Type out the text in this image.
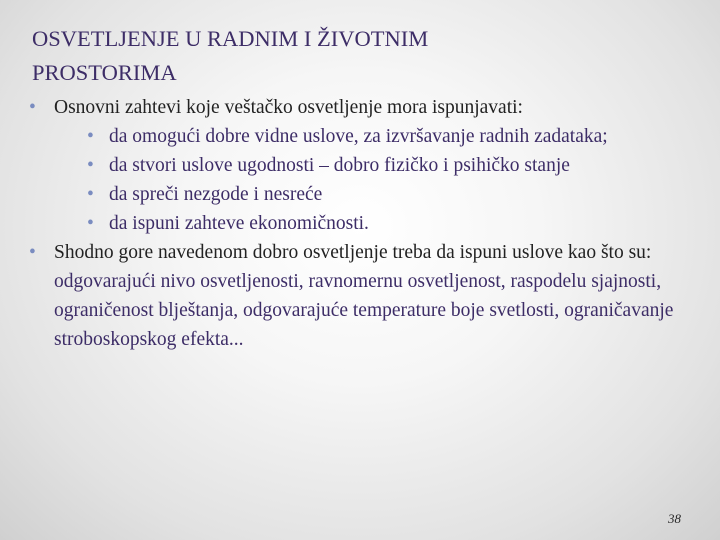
OSVETLJENJE U RADNIM I ŽIVOTNIM
PROSTORIMA
• Osnovni zahtevi koje veštačko osvetljenje mora ispunjavati:
• da omogući dobre vidne uslove, za izvršavanje radnih zadataka;
• da stvori uslove ugodnosti – dobro fizičko i psihičko stanje
• da spreči nezgode i nesreće
• da ispuni zahteve ekonomičnosti.
• Shodno gore navedenom dobro osvetljenje treba da ispuni uslove kao što su: odgovarajući nivo osvetljenosti, ravnomernu osvetljenost, raspodelu sjajnosti, ograničenost blještanja, odgovarajuće temperature boje svetlosti, ograničavanje stroboskopskog efekta...
38
